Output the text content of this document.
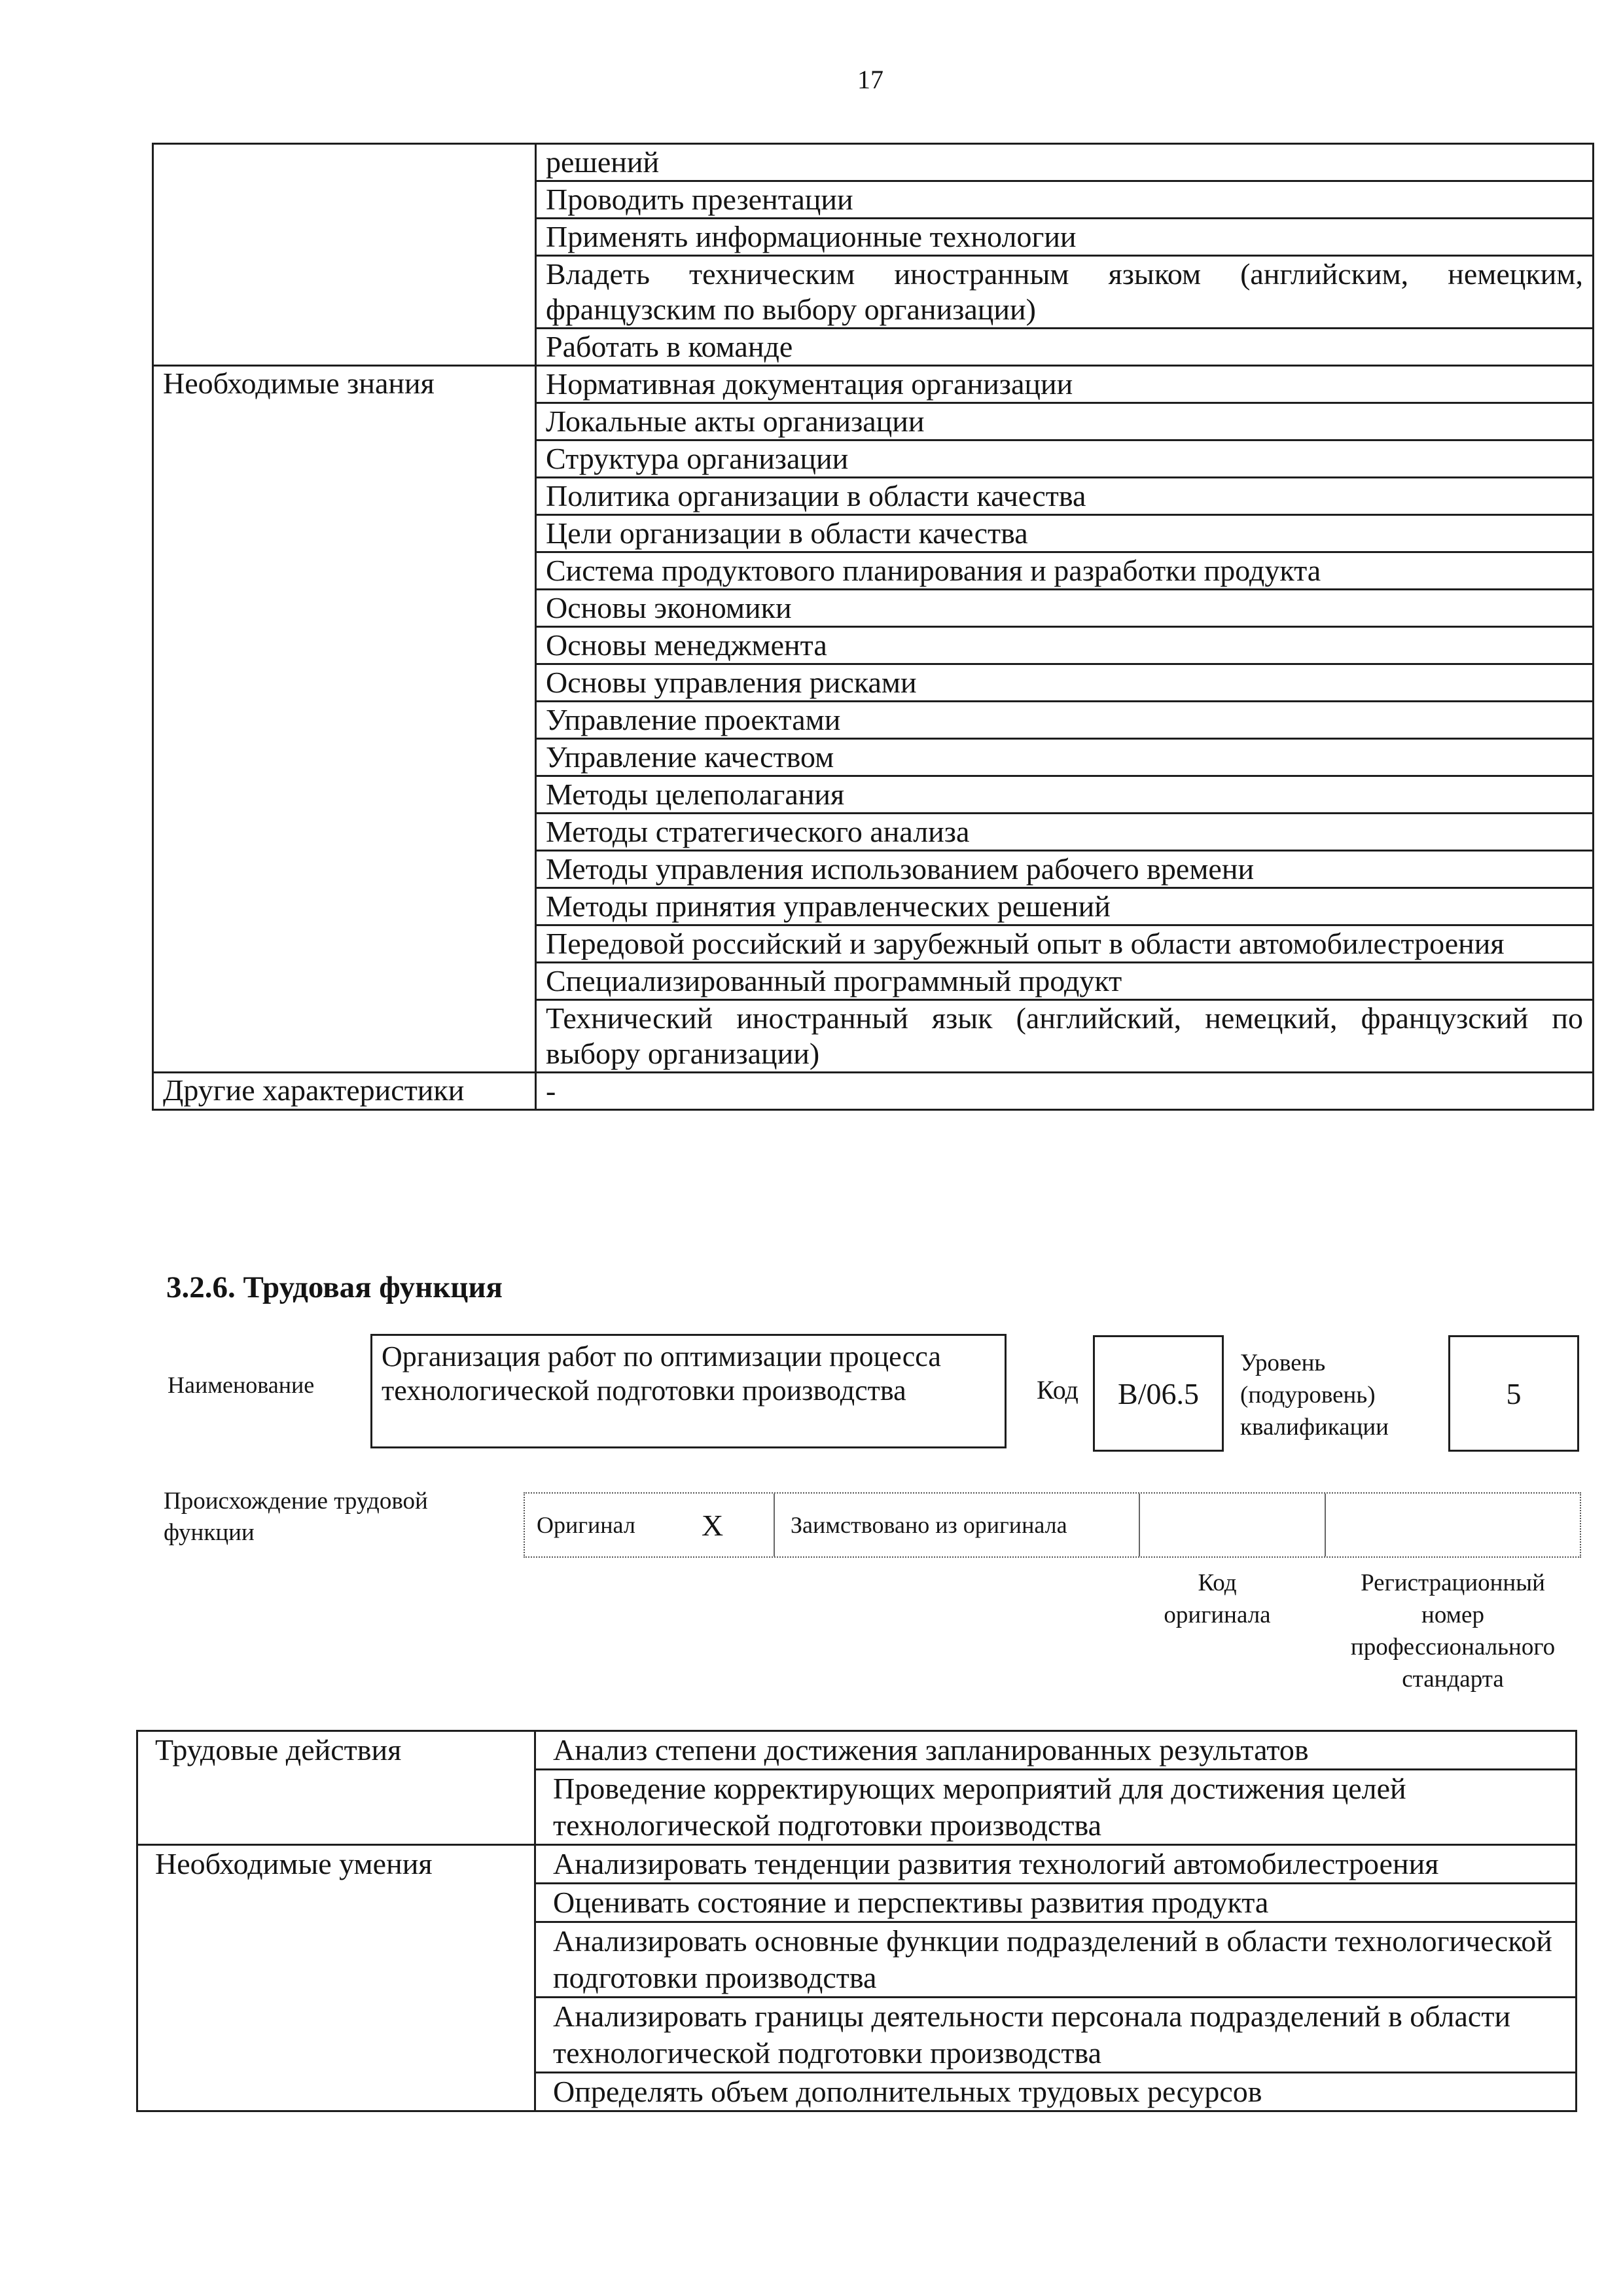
17
	решений
	Проводить презентации
	Применять информационные технологии
	Владеть техническим иностранным языком (английским, немецким, французским по выбору организации)
	Работать в команде
Необходимые знания	Нормативная документация организации
	Локальные акты организации
	Структура организации
	Политика организации в области качества
	Цели организации в области качества
	Система продуктового планирования и разработки продукта
	Основы экономики
	Основы менеджмента
	Основы управления рисками
	Управление проектами
	Управление качеством
	Методы целеполагания
	Методы стратегического анализа
	Методы управления использованием рабочего времени
	Методы принятия управленческих решений
	Передовой российский и зарубежный опыт в области автомобилестроения
	Специализированный программный продукт
	Технический иностранный язык (английский, немецкий, французский по выбору организации)
Другие характеристики	-
3.2.6. Трудовая функция
Наименование
Организация работ по оптимизации процесса технологической подготовки производства	Код B/06.5
Уровень
(подуровень)
квалификации
5
Происхождение трудовой
функции	Оригинал X	Заимствовано из оригинала
Код
оригинала
Регистрационный
номер
профессионального
стандарта
Трудовые действия	Анализ степени достижения запланированных результатов
	Проведение корректирующих мероприятий для достижения целей технологической подготовки производства
Необходимые умения	Анализировать тенденции развития технологий автомобилестроения
	Оценивать состояние и перспективы развития продукта
	Анализировать основные функции подразделений в области технологической подготовки производства
	Анализировать границы деятельности персонала подразделений в области технологической подготовки производства
	Определять объем дополнительных трудовых ресурсов
